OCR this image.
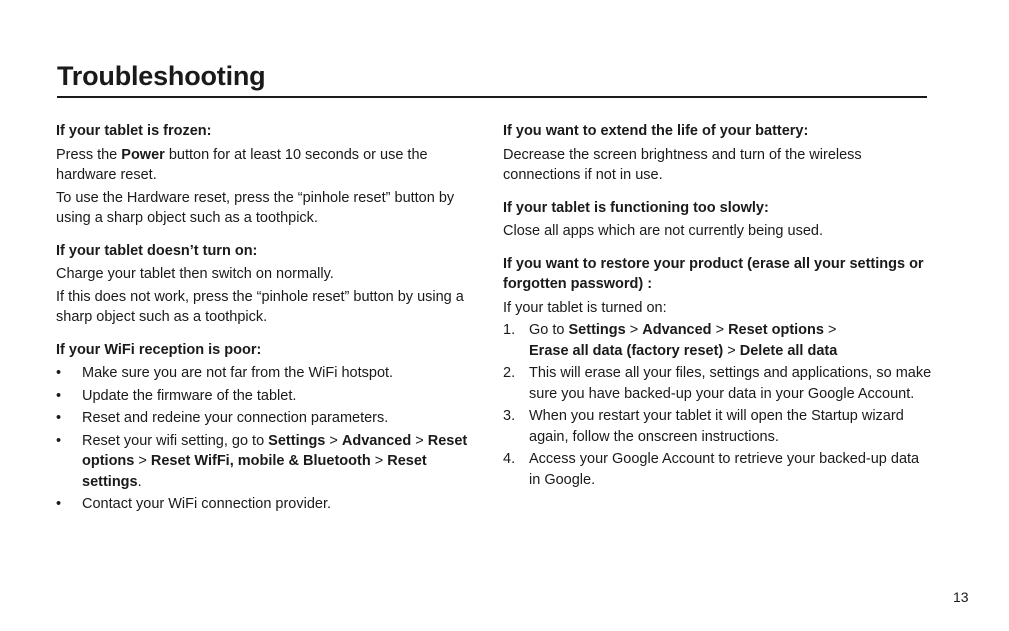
Troubleshooting

If your tablet is frozen:

Press the Power button for at least 10 seconds or use the hardware reset.

To use the Hardware reset, press the “pinhole reset” button by using a sharp object such as a toothpick.

If your tablet doesn’t turn on:

Charge your tablet then switch on normally.

If this does not work, press the “pinhole reset” button by using a sharp object such as a toothpick.

If your WiFi reception is poor:

•	Make sure you are not far from the WiFi hotspot.
•	Update the firmware of the tablet.
•	Reset and redeine your connection parameters.
•	Reset your wifi setting, go to Settings > Advanced > Reset options > Reset WifFi, mobile & Bluetooth > Reset settings.
•	Contact your WiFi connection provider.

If you want to extend the life of your battery:

Decrease the screen brightness and turn of the wireless connections if not in use.

If your tablet is functioning too slowly:

Close all apps which are not currently being used.

If you want to restore your product (erase all your settings or forgotten password) :

If your tablet is turned on:

1. Go to Settings > Advanced > Reset options >
Erase all data (factory reset) > Delete all data
2. This will erase all your files, settings and applications, so make sure you have backed-up your data in your Google Account.
3. When you restart your tablet it will open the Startup wizard again, follow the onscreen instructions.
4. Access your Google Account to retrieve your backed-up data in Google.
13
